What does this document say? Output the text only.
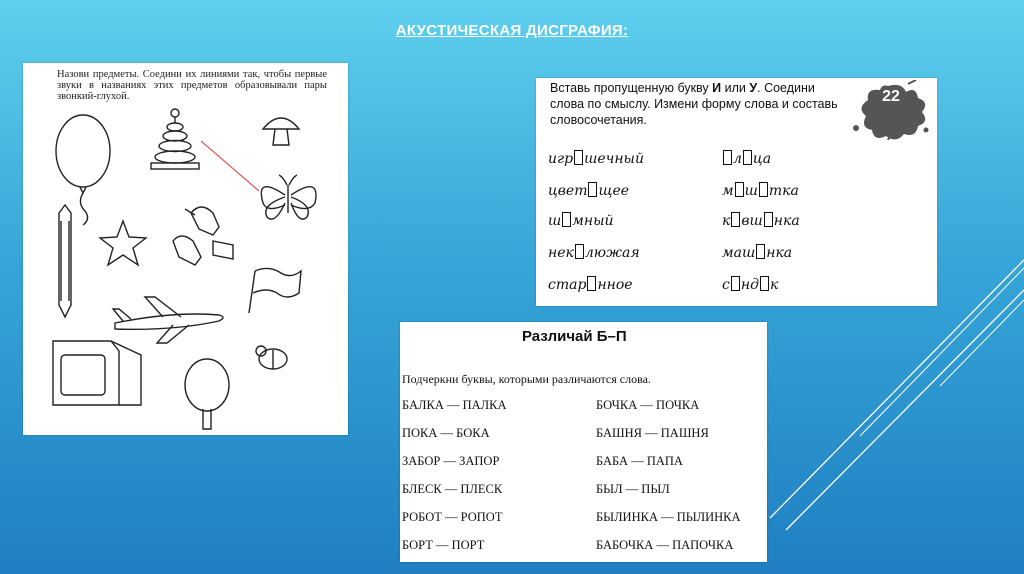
АКУСТИЧЕСКАЯ ДИСГРАФИЯ:
Назови предметы. Соедини их линиями так, чтобы первые звуки в названиях этих предметов образовывали пары звонкий-глухой.
Вставь пропущенную букву И или У. Соедини слова по смыслу. Измени форму слова и составь словосочетания.
22
игр шечный
цвет щее
ш мный
нек люжая
стар нное
л ца
м ш тка
к вш нка
маш нка
с нд к
Различай Б–П
Подчеркни буквы, которыми различаются слова.
БАЛКА — ПАЛКА
ПОКА — БОКА
ЗАБОР — ЗАПОР
БЛЕСК — ПЛЕСК
РОБОТ — РОПОТ
БОРТ — ПОРТ
БОЧКА — ПОЧКА
БАШНЯ — ПАШНЯ
БАБА — ПАПА
БЫЛ — ПЫЛ
БЫЛИНКА — ПЫЛИНКА
БАБОЧКА — ПАПОЧКА
